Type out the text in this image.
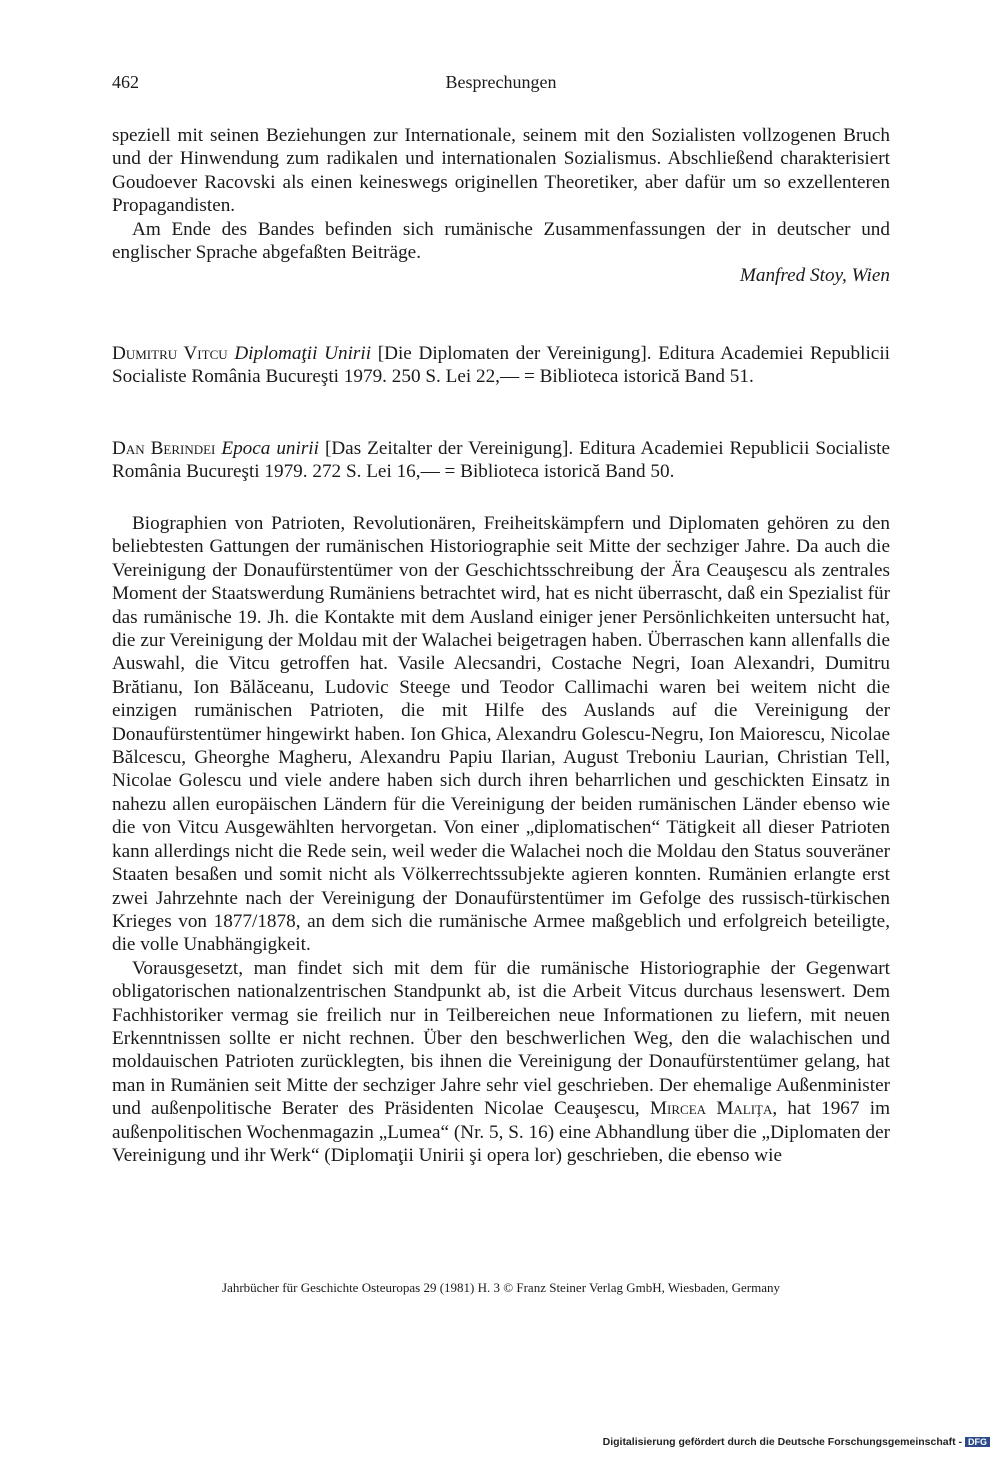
462	Besprechungen

speziell mit seinen Beziehungen zur Internationale, seinem mit den Sozialisten vollzogenen Bruch und der Hinwendung zum radikalen und internationalen Sozialismus. Abschließend charakterisiert Goudoever Racovski als einen keineswegs originellen Theoretiker, aber dafür um so exzellenteren Propagandisten.

Am Ende des Bandes befinden sich rumänische Zusammenfassungen der in deutscher und englischer Sprache abgefaßten Beiträge.

Manfred Stoy, Wien

Dumitru Vitcu Diplomaţii Unirii [Die Diplomaten der Vereinigung]. Editura Academiei Republicii Socialiste România Bucureşti 1979. 250 S. Lei 22,— = Biblioteca istorică Band 51.
Dan Berindei Epoca unirii [Das Zeitalter der Vereinigung]. Editura Academiei Republicii Socialiste România Bucureşti 1979. 272 S. Lei 16,— = Biblioteca istorică Band 50.

Biographien von Patrioten, Revolutionären, Freiheitskämpfern und Diplomaten gehören zu den beliebtesten Gattungen der rumänischen Historiographie seit Mitte der sechziger Jahre. Da auch die Vereinigung der Donaufürstentümer von der Geschichtsschreibung der Ära Ceauşescu als zentrales Moment der Staatswerdung Rumäniens betrachtet wird, hat es nicht überrascht, daß ein Spezialist für das rumänische 19. Jh. die Kontakte mit dem Ausland einiger jener Persönlichkeiten untersucht hat, die zur Vereinigung der Moldau mit der Walachei beigetragen haben. Überraschen kann allenfalls die Auswahl, die Vitcu getroffen hat. Vasile Alecsandri, Costache Negri, Ioan Alexandri, Dumitru Brătianu, Ion Bălăceanu, Ludovic Steege und Teodor Callimachi waren bei weitem nicht die einzigen rumänischen Patrioten, die mit Hilfe des Auslands auf die Vereinigung der Donaufürstentümer hingewirkt haben. Ion Ghica, Alexandru Golescu-Negru, Ion Maiorescu, Nicolae Bălcescu, Gheorghe Magheru, Alexandru Papiu Ilarian, August Treboniu Laurian, Christian Tell, Nicolae Golescu und viele andere haben sich durch ihren beharrlichen und geschickten Einsatz in nahezu allen europäischen Ländern für die Vereinigung der beiden rumänischen Länder ebenso wie die von Vitcu Ausgewählten hervorgetan. Von einer „diplomatischen“ Tätigkeit all dieser Patrioten kann allerdings nicht die Rede sein, weil weder die Walachei noch die Moldau den Status souveräner Staaten besaßen und somit nicht als Völkerrechtssubjekte agieren konnten. Rumänien erlangte erst zwei Jahrzehnte nach der Vereinigung der Donaufürstentümer im Gefolge des russisch-türkischen Krieges von 1877/1878, an dem sich die rumänische Armee maßgeblich und erfolgreich beteiligte, die volle Unabhängigkeit.

Vorausgesetzt, man findet sich mit dem für die rumänische Historiographie der Gegenwart obligatorischen nationalzentrischen Standpunkt ab, ist die Arbeit Vitcus durchaus lesenswert. Dem Fachhistoriker vermag sie freilich nur in Teilbereichen neue Informationen zu liefern, mit neuen Erkenntnissen sollte er nicht rechnen. Über den beschwerlichen Weg, den die walachischen und moldauischen Patrioten zurücklegten, bis ihnen die Vereinigung der Donaufürstentümer gelang, hat man in Rumänien seit Mitte der sechziger Jahre sehr viel geschrieben. Der ehemalige Außenminister und außenpolitische Berater des Präsidenten Nicolae Ceauşescu, Mircea Maliţa, hat 1967 im außenpolitischen Wochenmagazin „Lumea“ (Nr. 5, S. 16) eine Abhandlung über die „Diplomaten der Vereinigung und ihr Werk“ (Diplomaţii Unirii şi opera lor) geschrieben, die ebenso wie

Jahrbücher für Geschichte Osteuropas 29 (1981) H. 3 © Franz Steiner Verlag GmbH, Wiesbaden, Germany
Digitalisierung gefördert durch die Deutsche Forschungsgemeinschaft - DFG
